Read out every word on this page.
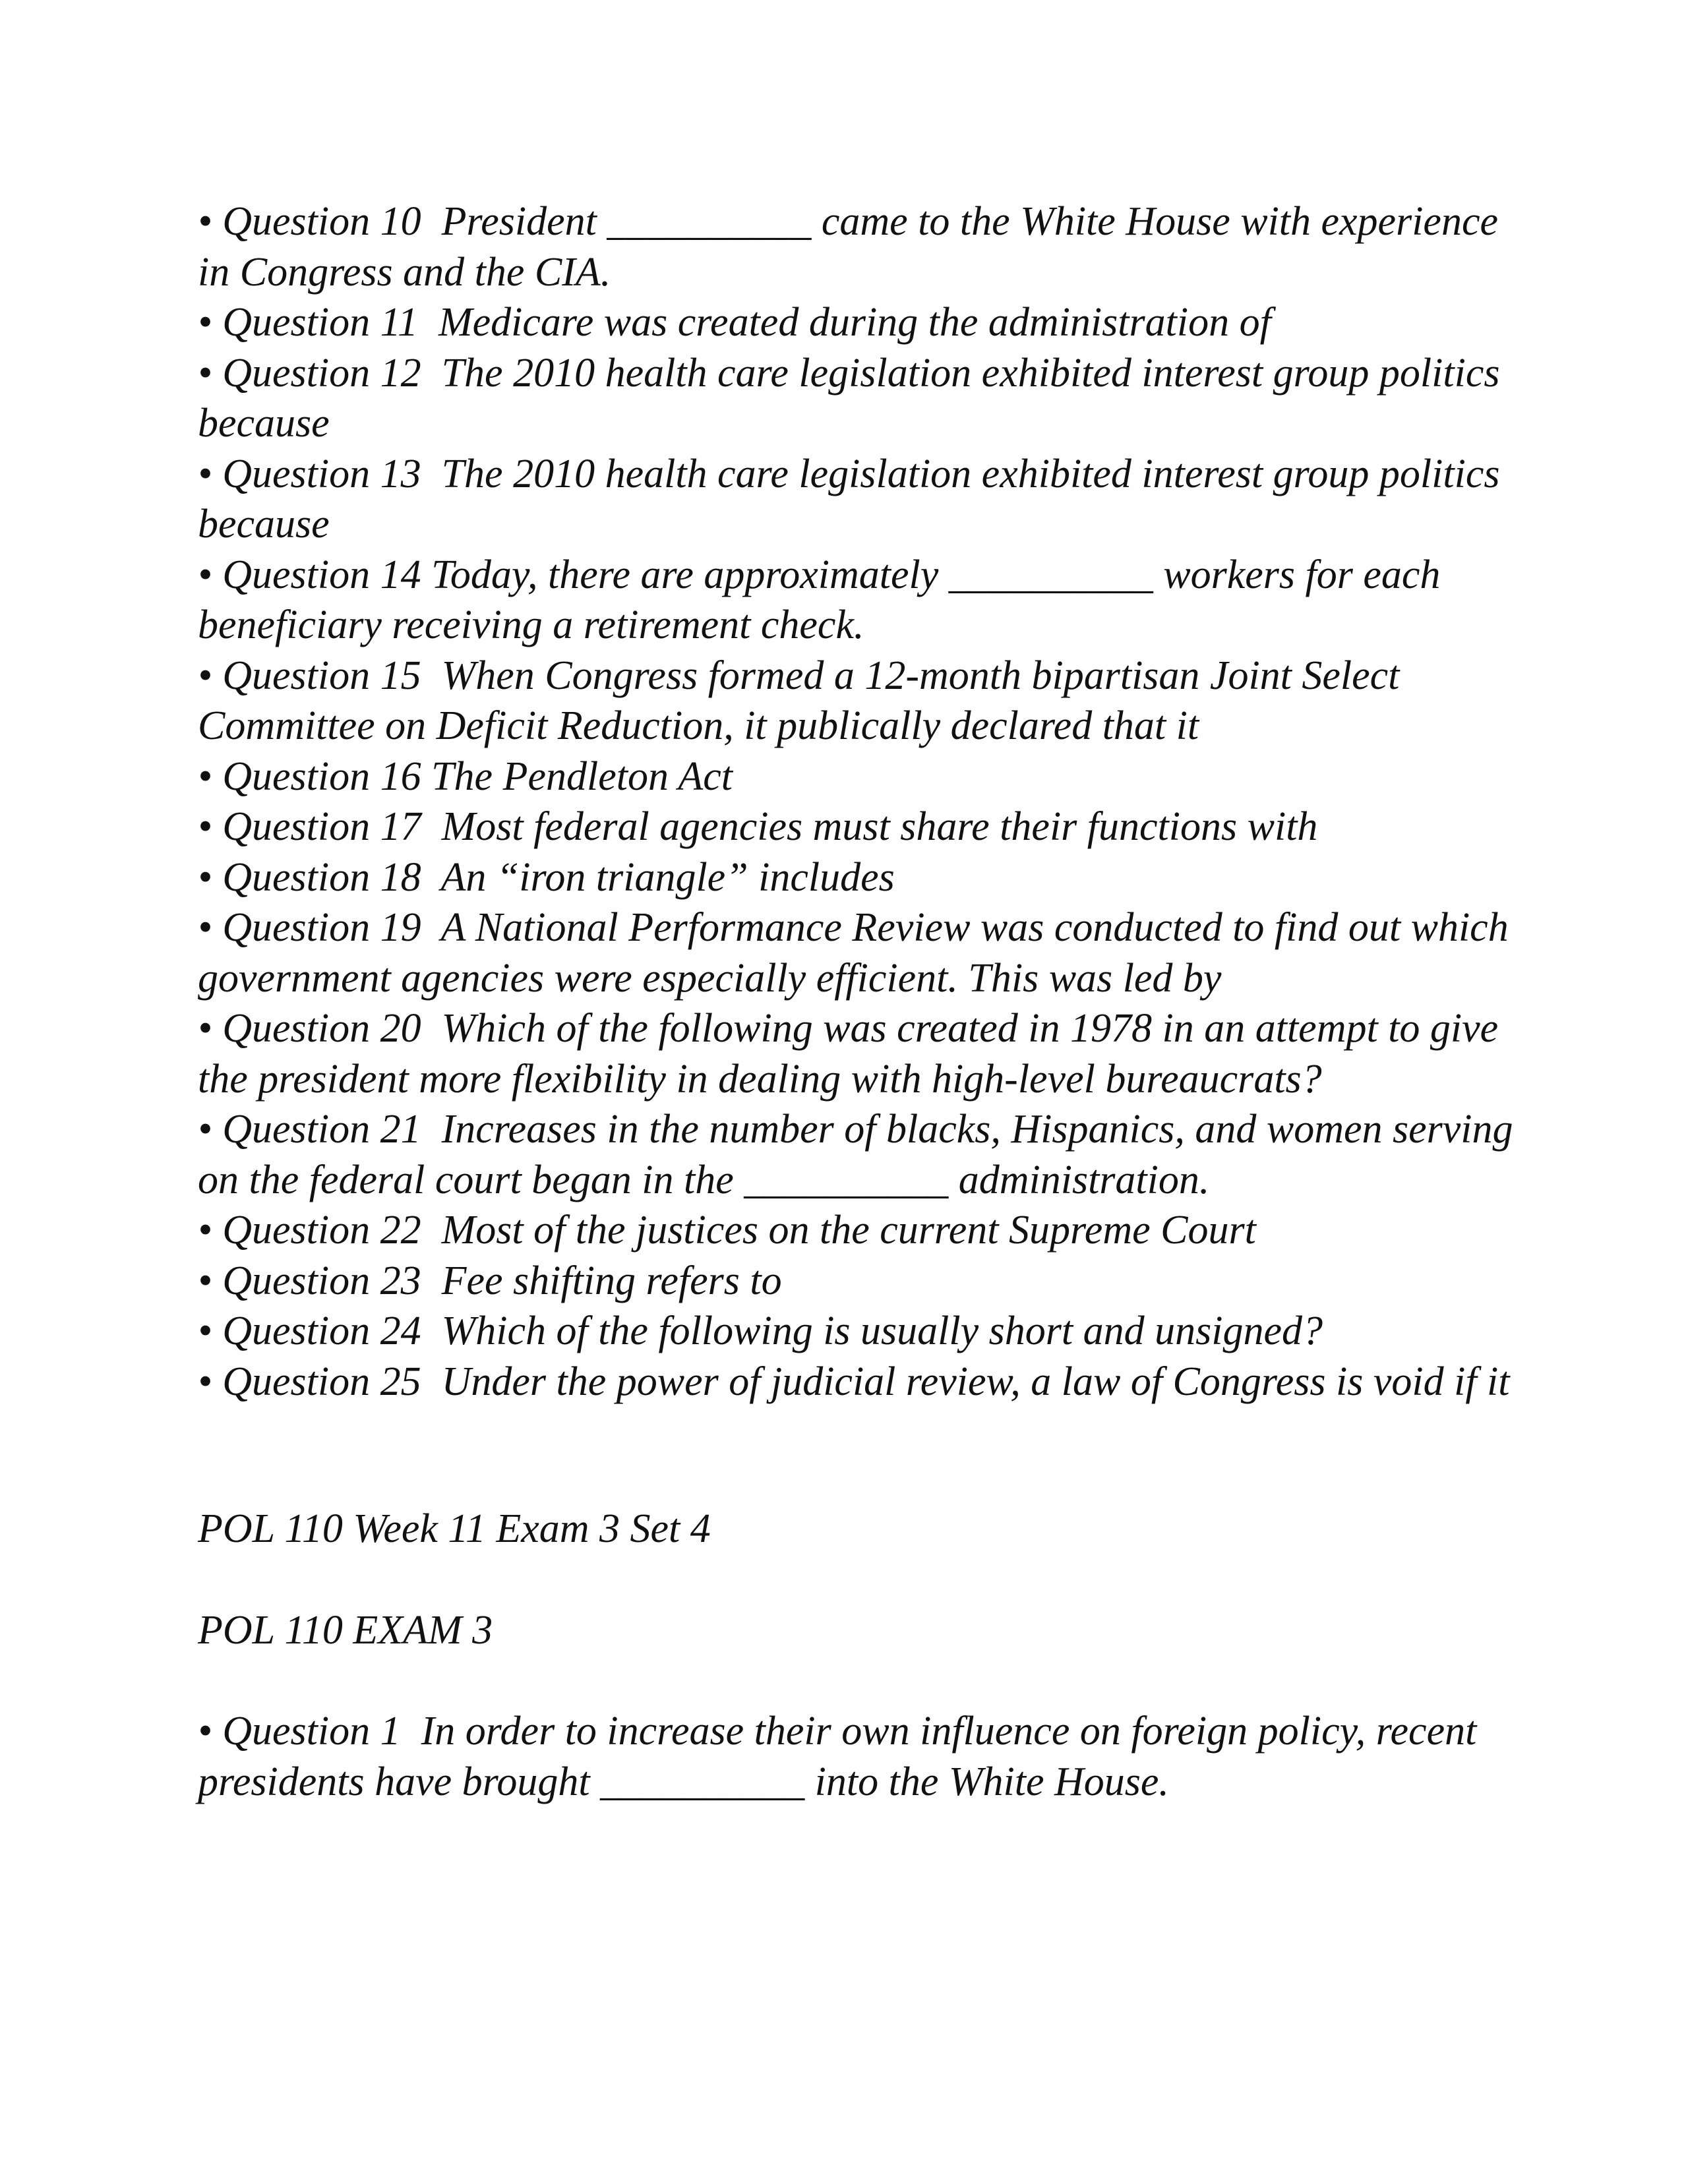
• Question 10  President __________ came to the White House with experience in Congress and the CIA.

• Question 11  Medicare was created during the administration of

• Question 12  The 2010 health care legislation exhibited interest group politics because

• Question 13  The 2010 health care legislation exhibited interest group politics because

• Question 14 Today, there are approximately __________ workers for each beneficiary receiving a retirement check.

• Question 15  When Congress formed a 12-month bipartisan Joint Select Committee on Deficit Reduction, it publically declared that it

• Question 16 The Pendleton Act

• Question 17  Most federal agencies must share their functions with

• Question 18  An “iron triangle” includes

• Question 19  A National Performance Review was conducted to find out which government agencies were especially efficient. This was led by

• Question 20  Which of the following was created in 1978 in an attempt to give the president more flexibility in dealing with high-level bureaucrats?

• Question 21  Increases in the number of blacks, Hispanics, and women serving on the federal court began in the __________ administration.

• Question 22  Most of the justices on the current Supreme Court

• Question 23  Fee shifting refers to

• Question 24  Which of the following is usually short and unsigned?

• Question 25  Under the power of judicial review, a law of Congress is void if it

POL 110 Week 11 Exam 3 Set 4

POL 110 EXAM 3

• Question 1  In order to increase their own influence on foreign policy, recent presidents have brought __________ into the White House.
